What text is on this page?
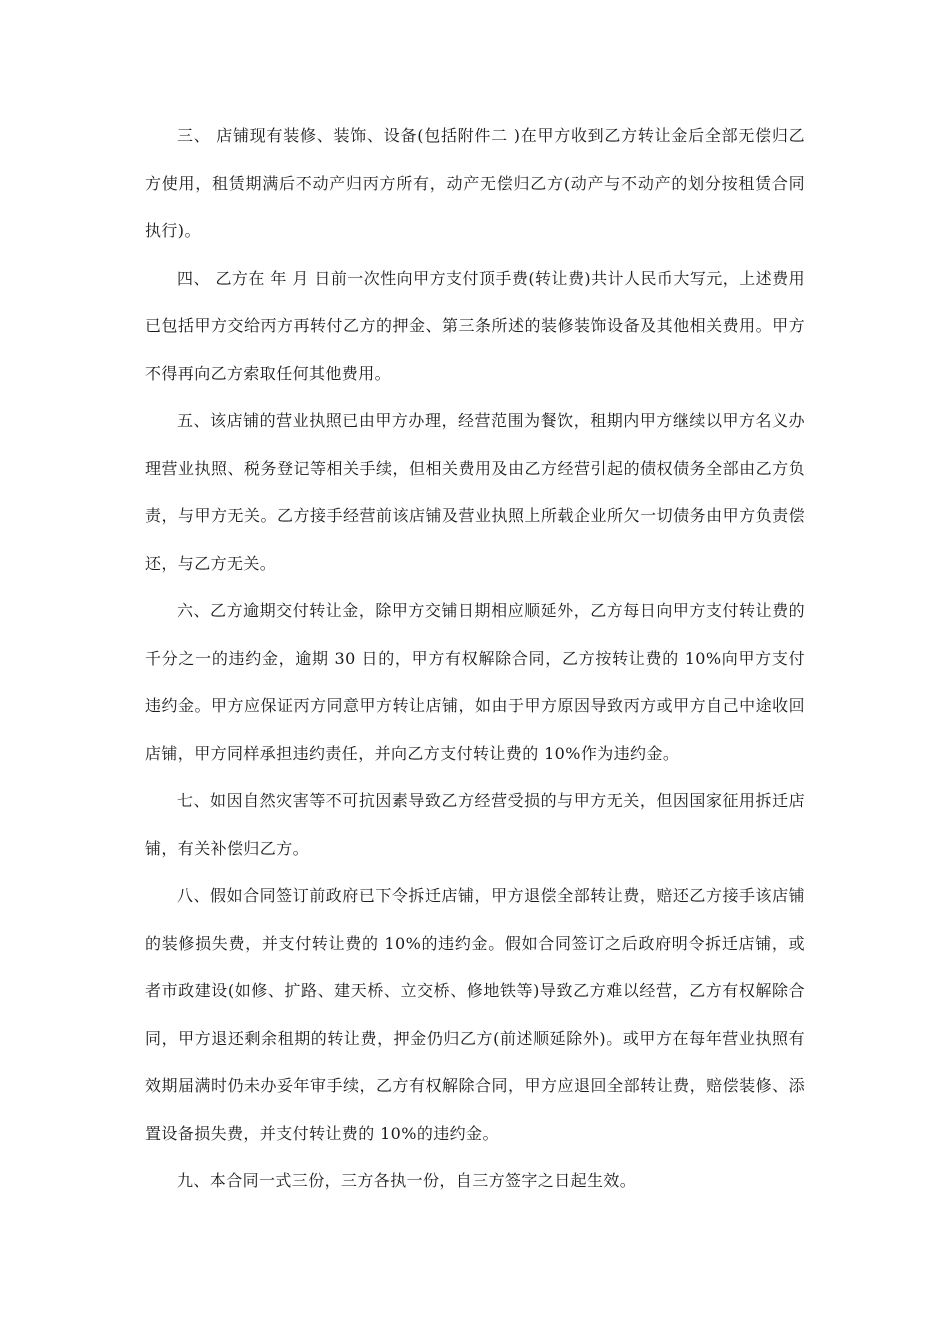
三、 店铺现有装修、装饰、设备(包括附件二 )在甲方收到乙方转让金后全部无偿归乙方使用，租赁期满后不动产归丙方所有，动产无偿归乙方(动产与不动产的划分按租赁合同执行)。

四、 乙方在 年 月 日前一次性向甲方支付顶手费(转让费)共计人民币大写元，上述费用已包括甲方交给丙方再转付乙方的押金、第三条所述的装修装饰设备及其他相关费用。甲方不得再向乙方索取任何其他费用。

五、该店铺的营业执照已由甲方办理，经营范围为餐饮，租期内甲方继续以甲方名义办理营业执照、税务登记等相关手续，但相关费用及由乙方经营引起的债权债务全部由乙方负责，与甲方无关。乙方接手经营前该店铺及营业执照上所载企业所欠一切债务由甲方负责偿还，与乙方无关。

六、乙方逾期交付转让金，除甲方交铺日期相应顺延外，乙方每日向甲方支付转让费的千分之一的违约金，逾期 30 日的，甲方有权解除合同，乙方按转让费的 10%向甲方支付违约金。甲方应保证丙方同意甲方转让店铺，如由于甲方原因导致丙方或甲方自己中途收回店铺，甲方同样承担违约责任，并向乙方支付转让费的 10%作为违约金。

七、如因自然灾害等不可抗因素导致乙方经营受损的与甲方无关，但因国家征用拆迁店铺，有关补偿归乙方。

八、假如合同签订前政府已下令拆迁店铺，甲方退偿全部转让费，赔还乙方接手该店铺的装修损失费，并支付转让费的 10%的违约金。假如合同签订之后政府明令拆迁店铺，或者市政建设(如修、扩路、建天桥、立交桥、修地铁等)导致乙方难以经营，乙方有权解除合同，甲方退还剩余租期的转让费，押金仍归乙方(前述顺延除外)。或甲方在每年营业执照有效期届满时仍未办妥年审手续，乙方有权解除合同，甲方应退回全部转让费，赔偿装修、添置设备损失费，并支付转让费的 10%的违约金。

九、本合同一式三份，三方各执一份，自三方签字之日起生效。
